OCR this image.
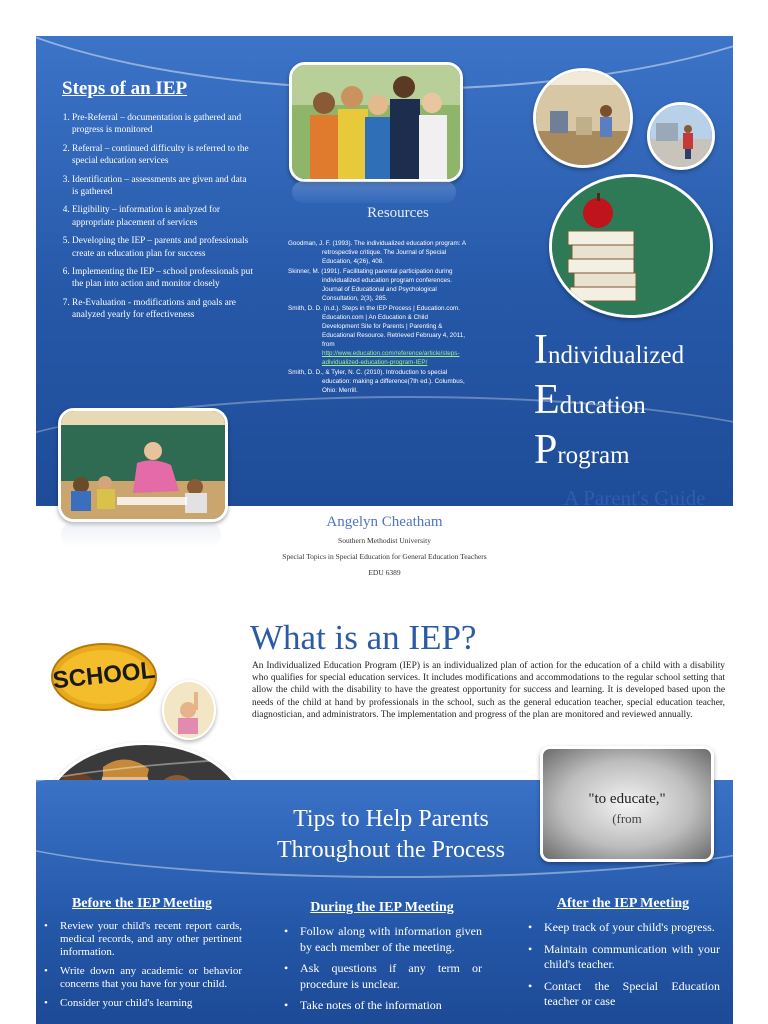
Steps of an IEP
1. Pre-Referral – documentation is gathered and progress is monitored
2. Referral – continued difficulty is referred to the special education services
3. Identification – assessments are given and data is gathered
4. Eligibility – information is analyzed for appropriate placement of services
5. Developing the IEP – parents and professionals create an education plan for success
6. Implementing the IEP – school professionals put the plan into action and monitor closely
7. Re-Evaluation - modifications and goals are analyzed yearly for effectiveness
Resources

Goodman, J. F. (1993). The individualized education program: A retrospective critique. The Journal of Special Education, 4(26), 408.

Skinner, M. (1991). Facilitating parental participation during individualized education program conferences. Journal of Educational and Psychological Consultation, 2(3), 285.

Smith, D. D. (n.d.). Steps in the IEP Process | Education.com. Education.com | An Education & Child Development Site for Parents | Parenting & Educational Resource. Retrieved February 4, 2011, from
http://www.education.com/reference/article/steps-adividualized-education-program-IEP/

Smith, D. D., & Tyler, N. C. (2010). Introduction to special education: making a difference(7th ed.). Columbus, Ohio: Merrill.

Individualized
Education
Program
A Parent's Guide
Angelyn Cheatham
Southern Methodist University
Special Topics in Special Education for General Education Teachers
EDU 6389
SCHOOL
What is an IEP?
An Individualized Education Program (IEP) is an individualized plan of action for the education of a child with a disability who qualifies for special education services. It includes modifications and accommodations to the regular school setting that allow the child with the disability to have the greatest opportunity for success and learning. It is developed based upon the needs of the child at hand by professionals in the school, such as the general education teacher, special education teacher, diagnostician, and administrators. The implementation and progress of the plan are monitored and reviewed annually.
"to educate,"
(from
Tips to Help Parents
Throughout the Process
Before the IEP Meeting
• Review your child's recent report cards, medical records, and any other pertinent information.
• Write down any academic or behavior concerns that you have for your child.
• Consider your child's learning
During the IEP Meeting
• Follow along with information given by each member of the meeting.
• Ask questions if any term or procedure is unclear.
• Take notes of the information
After the IEP Meeting
• Keep track of your child's progress.
• Maintain communication with your child's teacher.
• Contact the Special Education teacher or case
